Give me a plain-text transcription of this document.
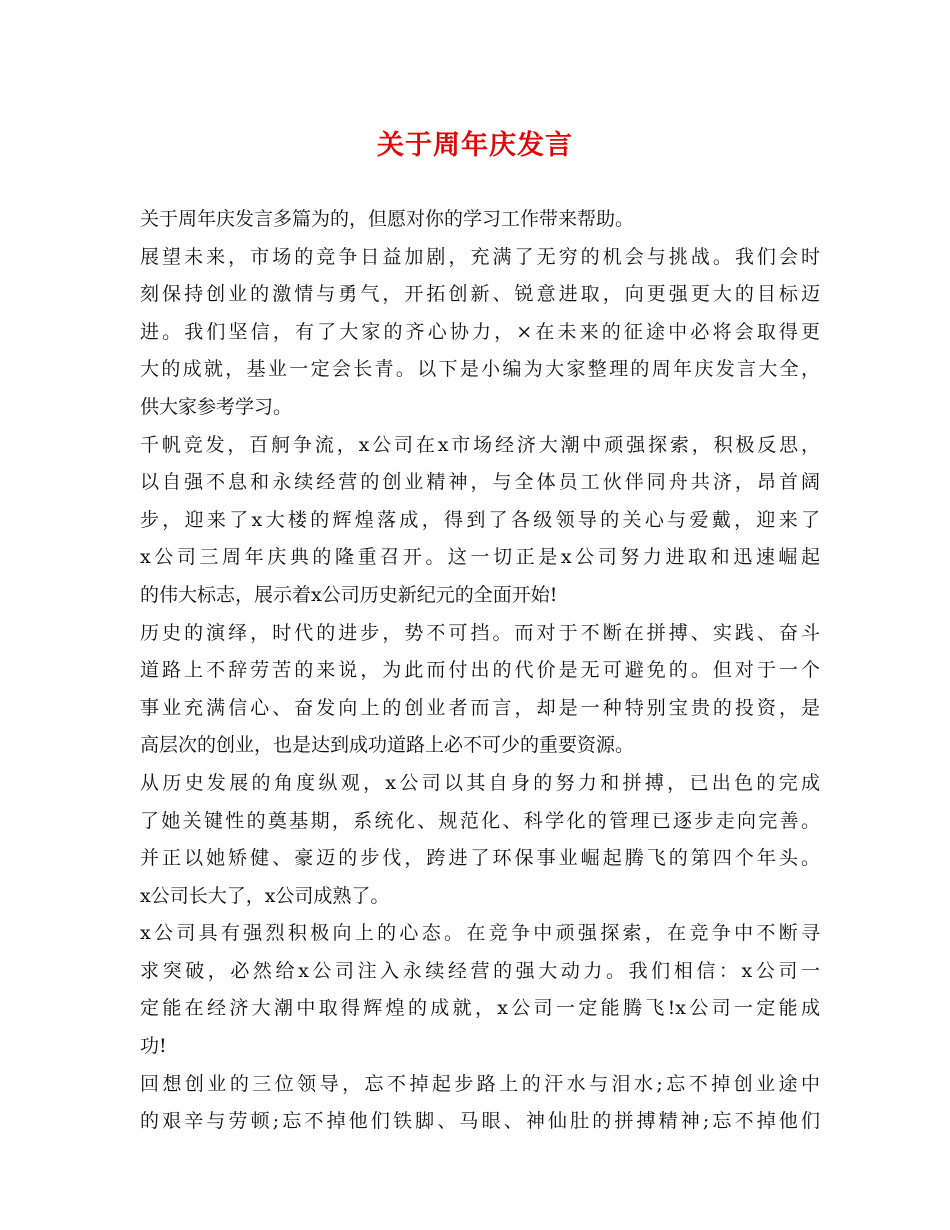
关于周年庆发言
关于周年庆发言多篇为的，但愿对你的学习工作带来帮助。
展望未来，市场的竞争日益加剧，充满了无穷的机会与挑战。我们会时
刻保持创业的激情与勇气，开拓创新、锐意进取，向更强更大的目标迈
进。我们坚信，有了大家的齐心协力，×在未来的征途中必将会取得更
大的成就，基业一定会长青。以下是小编为大家整理的周年庆发言大全，
供大家参考学习。
千帆竞发，百舸争流，x公司在x市场经济大潮中顽强探索，积极反思，
以自强不息和永续经营的创业精神，与全体员工伙伴同舟共济，昂首阔
步，迎来了x大楼的辉煌落成，得到了各级领导的关心与爱戴，迎来了
x公司三周年庆典的隆重召开。这一切正是x公司努力进取和迅速崛起
的伟大标志，展示着x公司历史新纪元的全面开始!
历史的演绎，时代的进步，势不可挡。而对于不断在拼搏、实践、奋斗
道路上不辞劳苦的来说，为此而付出的代价是无可避免的。但对于一个
事业充满信心、奋发向上的创业者而言，却是一种特别宝贵的投资，是
高层次的创业，也是达到成功道路上必不可少的重要资源。
从历史发展的角度纵观，x公司以其自身的努力和拼搏，已出色的完成
了她关键性的奠基期，系统化、规范化、科学化的管理已逐步走向完善。
并正以她矫健、豪迈的步伐，跨进了环保事业崛起腾飞的第四个年头。
x公司长大了，x公司成熟了。
x公司具有强烈积极向上的心态。在竞争中顽强探索，在竞争中不断寻
求突破，必然给x公司注入永续经营的强大动力。我们相信：x公司一
定能在经济大潮中取得辉煌的成就，x公司一定能腾飞!x公司一定能成
功!
回想创业的三位领导，忘不掉起步路上的汗水与泪水;忘不掉创业途中
的艰辛与劳顿;忘不掉他们铁脚、马眼、神仙肚的拼搏精神;忘不掉他们
